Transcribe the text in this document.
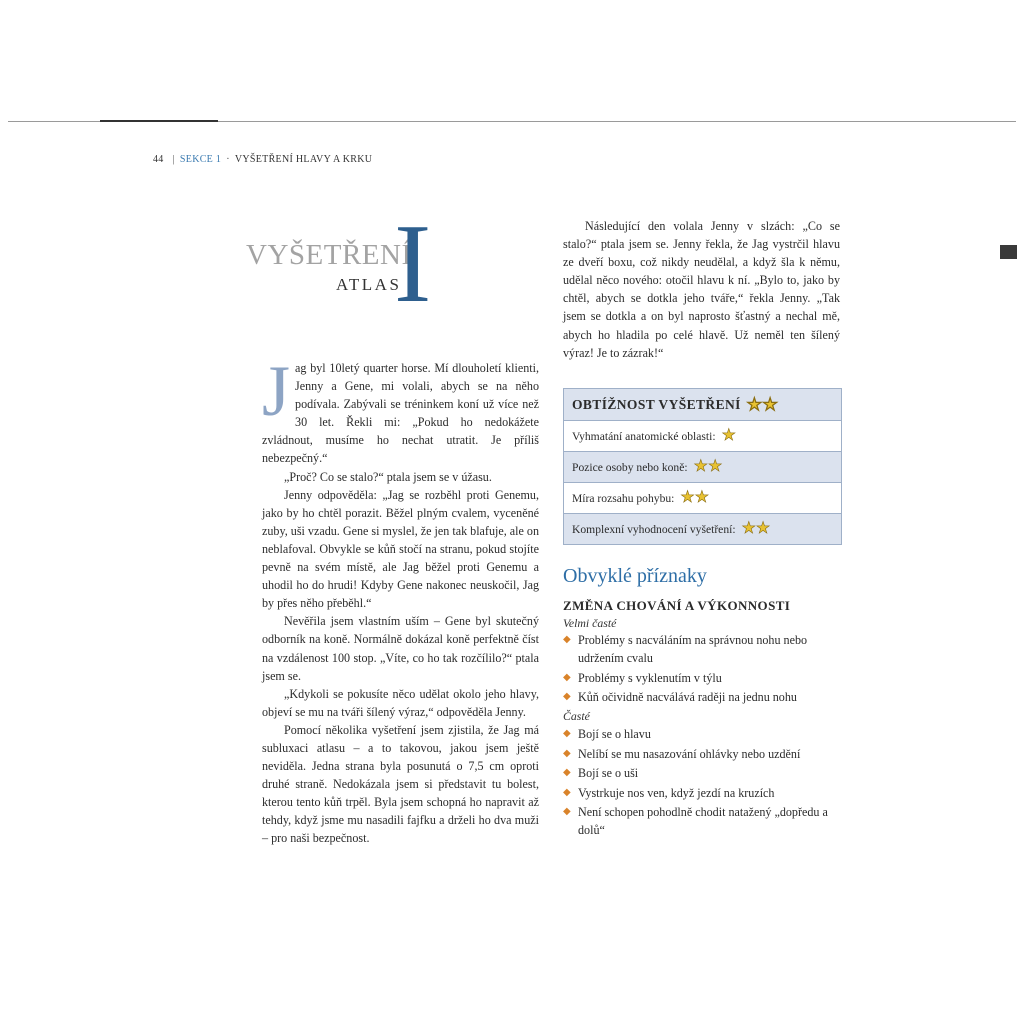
44 | SEKCE 1 · VYŠETŘENÍ HLAVY A KRKU
VYŠETŘENÍ
ATLAS
I

Jag byl 10letý quarter horse. Mí dlouholetí klienti, Jenny a Gene, mi volali, abych se na něho podívala. Zabývali se tréninkem koní už více než 30 let. Řekli mi: „Pokud ho nedokážete zvládnout, musíme ho nechat utratit. Je příliš nebezpečný.“

„Proč? Co se stalo?“ ptala jsem se v úžasu.

Jenny odpověděla: „Jag se rozběhl proti Genemu, jako by ho chtěl porazit. Běžel plným cvalem, vyceněné zuby, uši vzadu. Gene si myslel, že jen tak blafuje, ale on neblafoval. Obvykle se kůň stočí na stranu, pokud stojíte pevně na svém místě, ale Jag běžel proti Genemu a uhodil ho do hrudi! Kdyby Gene nakonec neuskočil, Jag by přes něho přeběhl.“

Nevěřila jsem vlastním uším – Gene byl skutečný odborník na koně. Normálně dokázal koně perfektně číst na vzdálenost 100 stop. „Víte, co ho tak rozčílilo?“ ptala jsem se.

„Kdykoli se pokusíte něco udělat okolo jeho hlavy, objeví se mu na tváři šílený výraz,“ odpověděla Jenny.

Pomocí několika vyšetření jsem zjistila, že Jag má subluxaci atlasu – a to takovou, jakou jsem ještě neviděla. Jedna strana byla posunutá o 7,5 cm oproti druhé straně. Nedokázala jsem si představit tu bolest, kterou tento kůň trpěl. Byla jsem schopná ho napravit až tehdy, když jsme mu nasadili fajfku a drželi ho dva muži – pro naši bezpečnost.

Následující den volala Jenny v slzách: „Co se stalo?“ ptala jsem se. Jenny řekla, že Jag vystrčil hlavu ze dveří boxu, což nikdy neudělal, a když šla k němu, udělal něco nového: otočil hlavu k ní. „Bylo to, jako by chtěl, abych se dotkla jeho tváře,“ řekla Jenny. „Tak jsem se dotkla a on byl naprosto šťastný a nechal mě, abych ho hladila po celé hlavě. Už neměl ten šílený výraz! Je to zázrak!“

OBTÍŽNOST VYŠETŘENÍ ★ ★
Vyhmatání anatomické oblasti: ★
Pozice osoby nebo koně: ★ ★
Míra rozsahu pohybu: ★ ★
Komplexní vyhodnocení vyšetření: ★ ★
Obvyklé příznaky
ZMĚNA CHOVÁNÍ A VÝKONNOSTI
Velmi časté
◆ Problémy s nacváláním na správnou nohu nebo udržením cvalu
◆ Problémy s vyklenutím v týlu
◆ Kůň očividně nacválává raději na jednu nohu
Časté
◆ Bojí se o hlavu
◆ Nelíbí se mu nasazování ohlávky nebo uzdění
◆ Bojí se o uši
◆ Vystrkuje nos ven, když jezdí na kruzích
◆ Není schopen pohodlně chodit natažený „dopředu a dolů“
